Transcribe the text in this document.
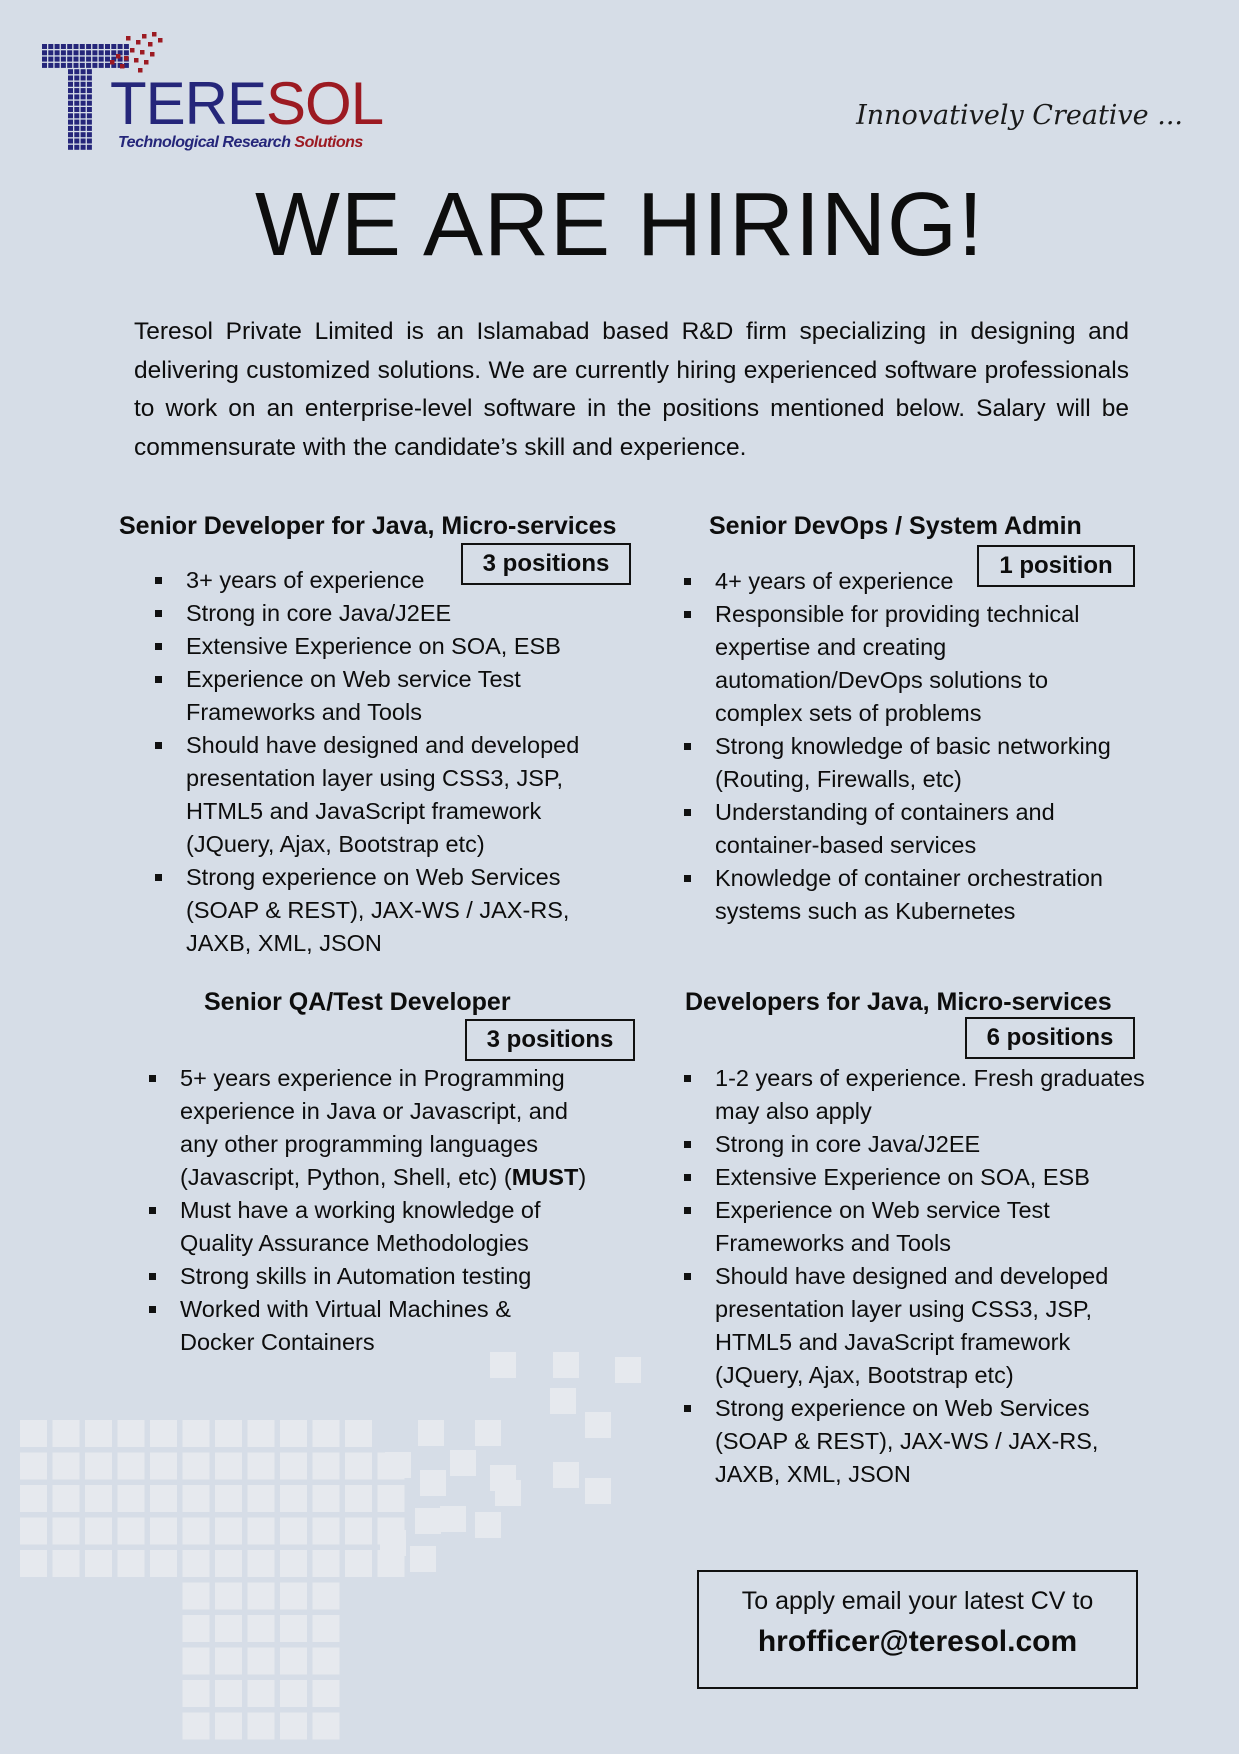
TERESOL
Technological Research Solutions
Innovatively Creative ...
WE ARE HIRING!

Teresol Private Limited is an Islamabad based R&D firm specializing in designing and delivering customized solutions. We are currently hiring experienced software professionals to work on an enterprise-level software in the positions mentioned below. Salary will be commensurate with the candidate’s skill and experience.

Senior Developer for Java, Micro-services
3 positions
3+ years of experience
Strong in core Java/J2EE
Extensive Experience on SOA, ESB
Experience on Web service Test Frameworks and Tools
Should have designed and developed presentation layer using CSS3, JSP, HTML5 and JavaScript framework (JQuery, Ajax, Bootstrap etc)
Strong experience on Web Services (SOAP & REST), JAX-WS / JAX-RS, JAXB, XML, JSON
Senior DevOps / System Admin
1 position
4+ years of experience
Responsible for providing technical expertise and creating automation/DevOps solutions to complex sets of problems
Strong knowledge of basic networking (Routing, Firewalls, etc)
Understanding of containers and container-based services
Knowledge of container orchestration systems such as Kubernetes
Senior QA/Test Developer
3 positions
5+ years experience in Programming experience in Java or Javascript, and any other programming languages (Javascript, Python, Shell, etc) (MUST)
Must have a working knowledge of Quality Assurance Methodologies
Strong skills in Automation testing
Worked with Virtual Machines & Docker Containers
Developers for Java, Micro-services
6 positions
1-2 years of experience. Fresh graduates may also apply
Strong in core Java/J2EE
Extensive Experience on SOA, ESB
Experience on Web service Test Frameworks and Tools
Should have designed and developed presentation layer using CSS3, JSP, HTML5 and JavaScript framework (JQuery, Ajax, Bootstrap etc)
Strong experience on Web Services (SOAP & REST), JAX-WS / JAX-RS, JAXB, XML, JSON
To apply email your latest CV to
hrofficer@teresol.com
